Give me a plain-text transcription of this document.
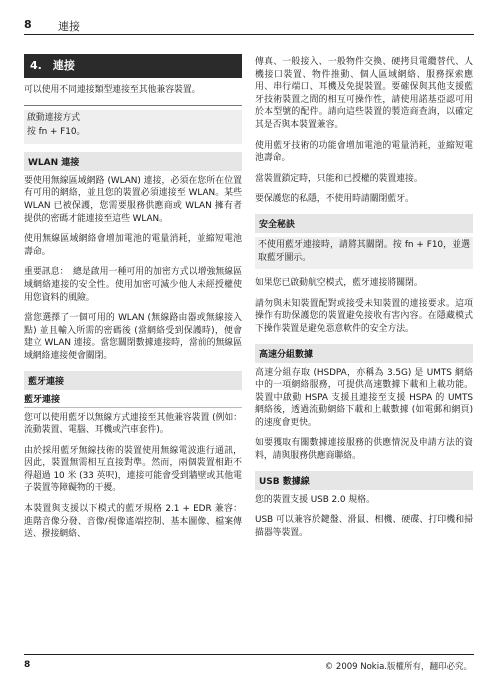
8 連接
4.　連接

可以使用不同連接類型連接至其他兼容裝置。

啟動連接方式

按 fn + F10。

WLAN 連接

要使用無線區域網路 (WLAN) 連接，必須在您所在位置有可用的網絡，並且您的裝置必須連接至 WLAN。某些 WLAN 已被保護，您需要服務供應商或 WLAN 擁有者提供的密碼才能連接至這些 WLAN。

使用無線區域網絡會增加電池的電量消耗，並縮短電池壽命。

重要訊息：　總是啟用一種可用的加密方式以增強無線區域網絡連接的安全性。使用加密可減少他人未經授權使用您資料的風險。

當您選擇了一個可用的 WLAN (無線路由器或無線接入點) 並且輸入所需的密碼後 (當網絡受到保護時)，便會建立 WLAN 連接。當您關閉數據連接時，當前的無線區域網絡連接便會關閉。

藍牙連接
藍牙連接

您可以使用藍牙以無線方式連接至其他兼容裝置 (例如：流動裝置、電腦、耳機或汽車套件)。

由於採用藍牙無線技術的裝置使用無線電波進行通訊，因此，裝置無需相互直接對準。然而，兩個裝置相距不得超過 10 米 (33 英呎)，連接可能會受到牆壁或其他電子裝置等障礙物的干擾。

本裝置與支援以下模式的藍牙規格 2.1 + EDR 兼容：進階音像分發、音像/視像遙端控制、基本圖像、檔案傳送、撥接網絡、

傳真、一般接入、一般物件交換、硬拷貝電纜替代、人機接口裝置、物件推動、個人區域網絡、服務探索應用、串行端口、耳機及免提裝置。要確保與其他支援藍牙技術裝置之間的相互可操作性，請使用諾基亞認可用於本型號的配件。請向這些裝置的製造商查詢，以確定其是否與本裝置兼容。

使用藍牙技術的功能會增加電池的電量消耗，並縮短電池壽命。

當裝置鎖定時，只能和已授權的裝置連接。

要保護您的私隱，不使用時請關閉藍牙。

安全秘訣

不使用藍牙連接時，請將其關閉。按 fn + F10，並選取藍牙圖示。

如果您已啟動航空模式，藍牙連接將關閉。

請勿與未知裝置配對或接受未知裝置的連接要求。這項操作有助保護您的裝置避免接收有害內容。在隱藏模式下操作裝置是避免惡意軟件的安全方法。

高速分組數據

高速分組存取 (HSDPA，亦稱為 3.5G) 是 UMTS 網絡中的一項網絡服務，可提供高速數據下載和上載功能。裝置中啟動 HSPA 支援且連接至支援 HSPA 的 UMTS 網絡後，透過流動網絡下載和上載數據 (如電郵和網頁) 的速度會更快。

如要獲取有關數據連接服務的供應情況及申請方法的資料，請與服務供應商聯絡。

USB 數據線

您的裝置支援 USB 2.0 規格。

USB 可以兼容於鍵盤、滑鼠、相機、硬碟、打印機和掃描器等裝置。

8	© 2009 Nokia.版權所有，翻印必究。
